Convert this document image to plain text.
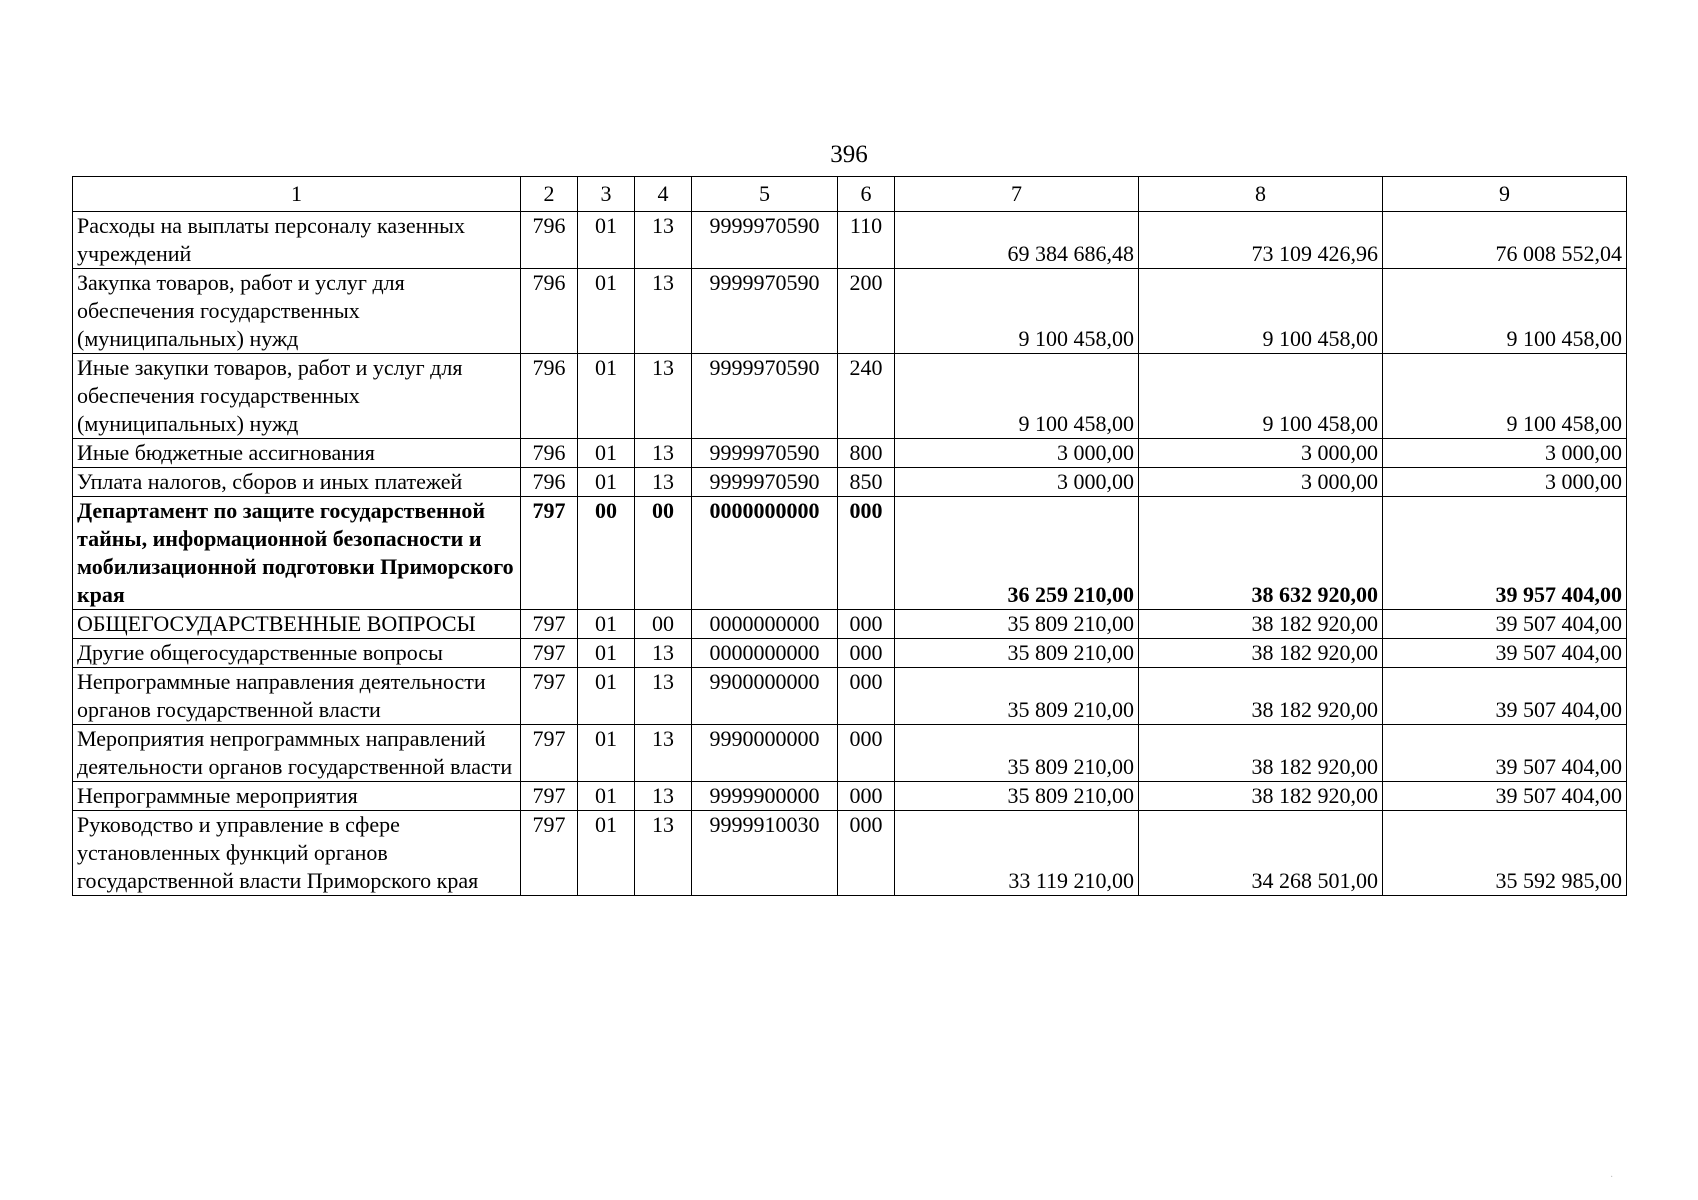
396
1	2	3	4	5	6	7	8	9
Расходы на выплаты персоналу казенных учреждений	796	01	13	9999970590	110	69 384 686,48	73 109 426,96	76 008 552,04
Закупка товаров, работ и услуг для обеспечения государственных (муниципальных) нужд	796	01	13	9999970590	200	9 100 458,00	9 100 458,00	9 100 458,00
Иные закупки товаров, работ и услуг для обеспечения государственных (муниципальных) нужд	796	01	13	9999970590	240	9 100 458,00	9 100 458,00	9 100 458,00
Иные бюджетные ассигнования	796	01	13	9999970590	800	3 000,00	3 000,00	3 000,00
Уплата налогов, сборов и иных платежей	796	01	13	9999970590	850	3 000,00	3 000,00	3 000,00
Департамент по защите государственной тайны, информационной безопасности и мобилизационной подготовки Приморского края	797	00	00	0000000000	000	36 259 210,00	38 632 920,00	39 957 404,00
ОБЩЕГОСУДАРСТВЕННЫЕ ВОПРОСЫ	797	01	00	0000000000	000	35 809 210,00	38 182 920,00	39 507 404,00
Другие общегосударственные вопросы	797	01	13	0000000000	000	35 809 210,00	38 182 920,00	39 507 404,00
Непрограммные направления деятельности органов государственной власти	797	01	13	9900000000	000	35 809 210,00	38 182 920,00	39 507 404,00
Мероприятия непрограммных направлений деятельности органов государственной власти	797	01	13	9990000000	000	35 809 210,00	38 182 920,00	39 507 404,00
Непрограммные мероприятия	797	01	13	9999900000	000	35 809 210,00	38 182 920,00	39 507 404,00
Руководство и управление в сфере установленных функций органов государственной власти Приморского края	797	01	13	9999910030	000	33 119 210,00	34 268 501,00	35 592 985,00
·
